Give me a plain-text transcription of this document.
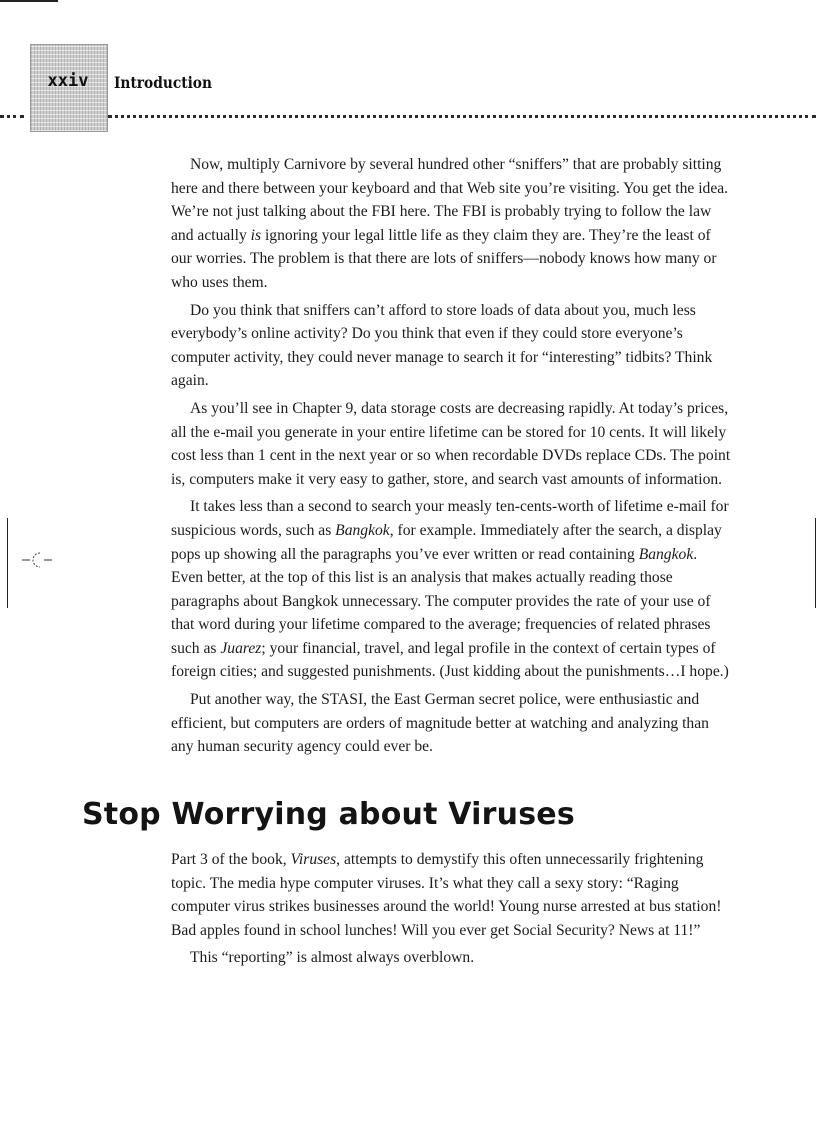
xxiv	Introduction

Now, multiply Carnivore by several hundred other “sniffers” that are probably sitting here and there between your keyboard and that Web site you’re visiting. You get the idea. We’re not just talking about the FBI here. The FBI is probably trying to follow the law and actually is ignoring your legal little life as they claim they are. They’re the least of our worries. The problem is that there are lots of sniffers—nobody knows how many or who uses them.

Do you think that sniffers can’t afford to store loads of data about you, much less everybody’s online activity? Do you think that even if they could store everyone’s computer activity, they could never manage to search it for “interesting” tidbits? Think again.

As you’ll see in Chapter 9, data storage costs are decreasing rapidly. At today’s prices, all the e-mail you generate in your entire lifetime can be stored for 10 cents. It will likely cost less than 1 cent in the next year or so when recordable DVDs replace CDs. The point is, computers make it very easy to gather, store, and search vast amounts of information.

It takes less than a second to search your measly ten-cents-worth of lifetime e-mail for suspicious words, such as Bangkok, for example. Immediately after the search, a display pops up showing all the paragraphs you’ve ever written or read containing Bangkok. Even better, at the top of this list is an analysis that makes actually reading those paragraphs about Bangkok unnecessary. The computer provides the rate of your use of that word during your lifetime compared to the average; frequencies of related phrases such as Juarez; your financial, travel, and legal profile in the context of certain types of foreign cities; and suggested punishments. (Just kidding about the punishments…I hope.)

Put another way, the STASI, the East German secret police, were enthusiastic and efficient, but computers are orders of magnitude better at watching and analyzing than any human security agency could ever be.

Stop Worrying about Viruses

Part 3 of the book, Viruses, attempts to demystify this often unnecessarily frightening topic. The media hype computer viruses. It’s what they call a sexy story: “Raging computer virus strikes businesses around the world! Young nurse arrested at bus station! Bad apples found in school lunches! Will you ever get Social Security? News at 11!”

This “reporting” is almost always overblown.
